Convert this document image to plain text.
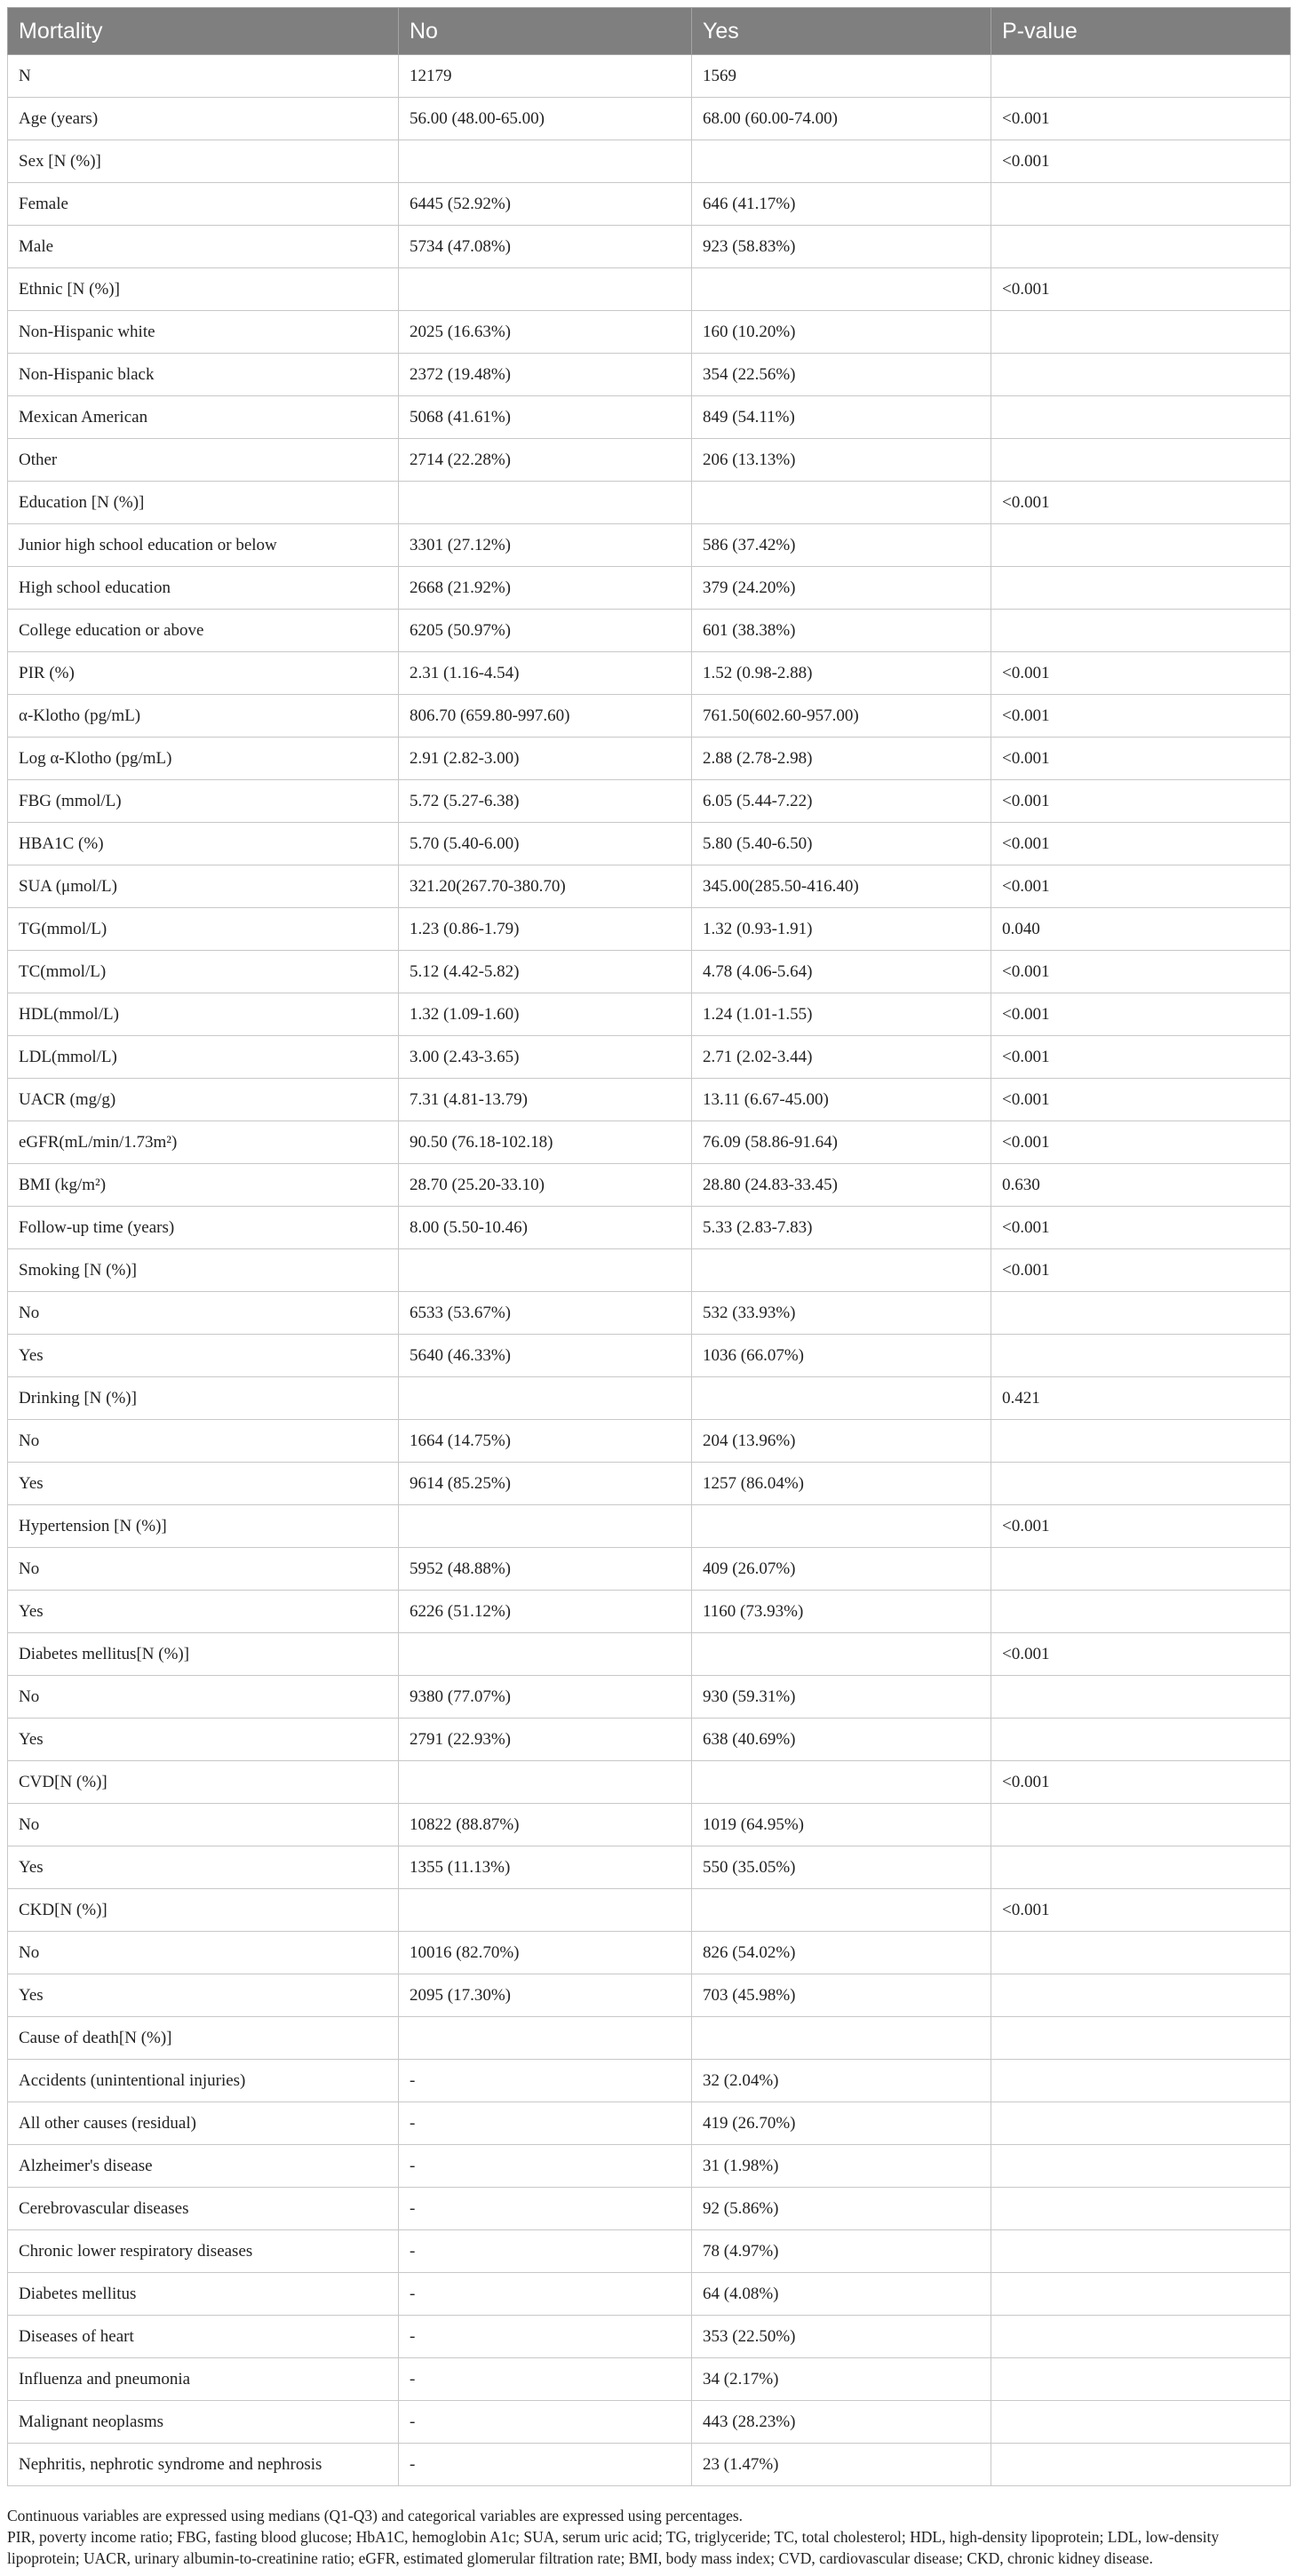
Mortality	No	Yes	P-value
N	12179	1569	
Age (years)	56.00 (48.00-65.00)	68.00 (60.00-74.00)	<0.001
Sex [N (%)]			<0.001
Female	6445 (52.92%)	646 (41.17%)	
Male	5734 (47.08%)	923 (58.83%)	
Ethnic [N (%)]			<0.001
Non-Hispanic white	2025 (16.63%)	160 (10.20%)	
Non-Hispanic black	2372 (19.48%)	354 (22.56%)	
Mexican American	5068 (41.61%)	849 (54.11%)	
Other	2714 (22.28%)	206 (13.13%)	
Education [N (%)]			<0.001
Junior high school education or below	3301 (27.12%)	586 (37.42%)	
High school education	2668 (21.92%)	379 (24.20%)	
College education or above	6205 (50.97%)	601 (38.38%)	
PIR (%)	2.31 (1.16-4.54)	1.52 (0.98-2.88)	<0.001
α-Klotho (pg/mL)	806.70 (659.80-997.60)	761.50(602.60-957.00)	<0.001
Log α-Klotho (pg/mL)	2.91 (2.82-3.00)	2.88 (2.78-2.98)	<0.001
FBG (mmol/L)	5.72 (5.27-6.38)	6.05 (5.44-7.22)	<0.001
HBA1C (%)	5.70 (5.40-6.00)	5.80 (5.40-6.50)	<0.001
SUA (μmol/L)	321.20(267.70-380.70)	345.00(285.50-416.40)	<0.001
TG(mmol/L)	1.23 (0.86-1.79)	1.32 (0.93-1.91)	0.040
TC(mmol/L)	5.12 (4.42-5.82)	4.78 (4.06-5.64)	<0.001
HDL(mmol/L)	1.32 (1.09-1.60)	1.24 (1.01-1.55)	<0.001
LDL(mmol/L)	3.00 (2.43-3.65)	2.71 (2.02-3.44)	<0.001
UACR (mg/g)	7.31 (4.81-13.79)	13.11 (6.67-45.00)	<0.001
eGFR(mL/min/1.73m²)	90.50 (76.18-102.18)	76.09 (58.86-91.64)	<0.001
BMI (kg/m²)	28.70 (25.20-33.10)	28.80 (24.83-33.45)	0.630
Follow-up time (years)	8.00 (5.50-10.46)	5.33 (2.83-7.83)	<0.001
Smoking [N (%)]			<0.001
No	6533 (53.67%)	532 (33.93%)	
Yes	5640 (46.33%)	1036 (66.07%)	
Drinking [N (%)]			0.421
No	1664 (14.75%)	204 (13.96%)	
Yes	9614 (85.25%)	1257 (86.04%)	
Hypertension [N (%)]			<0.001
No	5952 (48.88%)	409 (26.07%)	
Yes	6226 (51.12%)	1160 (73.93%)	
Diabetes mellitus[N (%)]			<0.001
No	9380 (77.07%)	930 (59.31%)	
Yes	2791 (22.93%)	638 (40.69%)	
CVD[N (%)]			<0.001
No	10822 (88.87%)	1019 (64.95%)	
Yes	1355 (11.13%)	550 (35.05%)	
CKD[N (%)]			<0.001
No	10016 (82.70%)	826 (54.02%)	
Yes	2095 (17.30%)	703 (45.98%)	
Cause of death[N (%)]			
Accidents (unintentional injuries)	-	32 (2.04%)	
All other causes (residual)	-	419 (26.70%)	
Alzheimer's disease	-	31 (1.98%)	
Cerebrovascular diseases	-	92 (5.86%)	
Chronic lower respiratory diseases	-	78 (4.97%)	
Diabetes mellitus	-	64 (4.08%)	
Diseases of heart	-	353 (22.50%)	
Influenza and pneumonia	-	34 (2.17%)	
Malignant neoplasms	-	443 (28.23%)	
Nephritis, nephrotic syndrome and nephrosis	-	23 (1.47%)	

Continuous variables are expressed using medians (Q1-Q3) and categorical variables are expressed using percentages.

PIR, poverty income ratio; FBG, fasting blood glucose; HbA1C, hemoglobin A1c; SUA, serum uric acid; TG, triglyceride; TC, total cholesterol; HDL, high-density lipoprotein; LDL, low-density lipoprotein; UACR, urinary albumin-to-creatinine ratio; eGFR, estimated glomerular filtration rate; BMI, body mass index; CVD, cardiovascular disease; CKD, chronic kidney disease.
